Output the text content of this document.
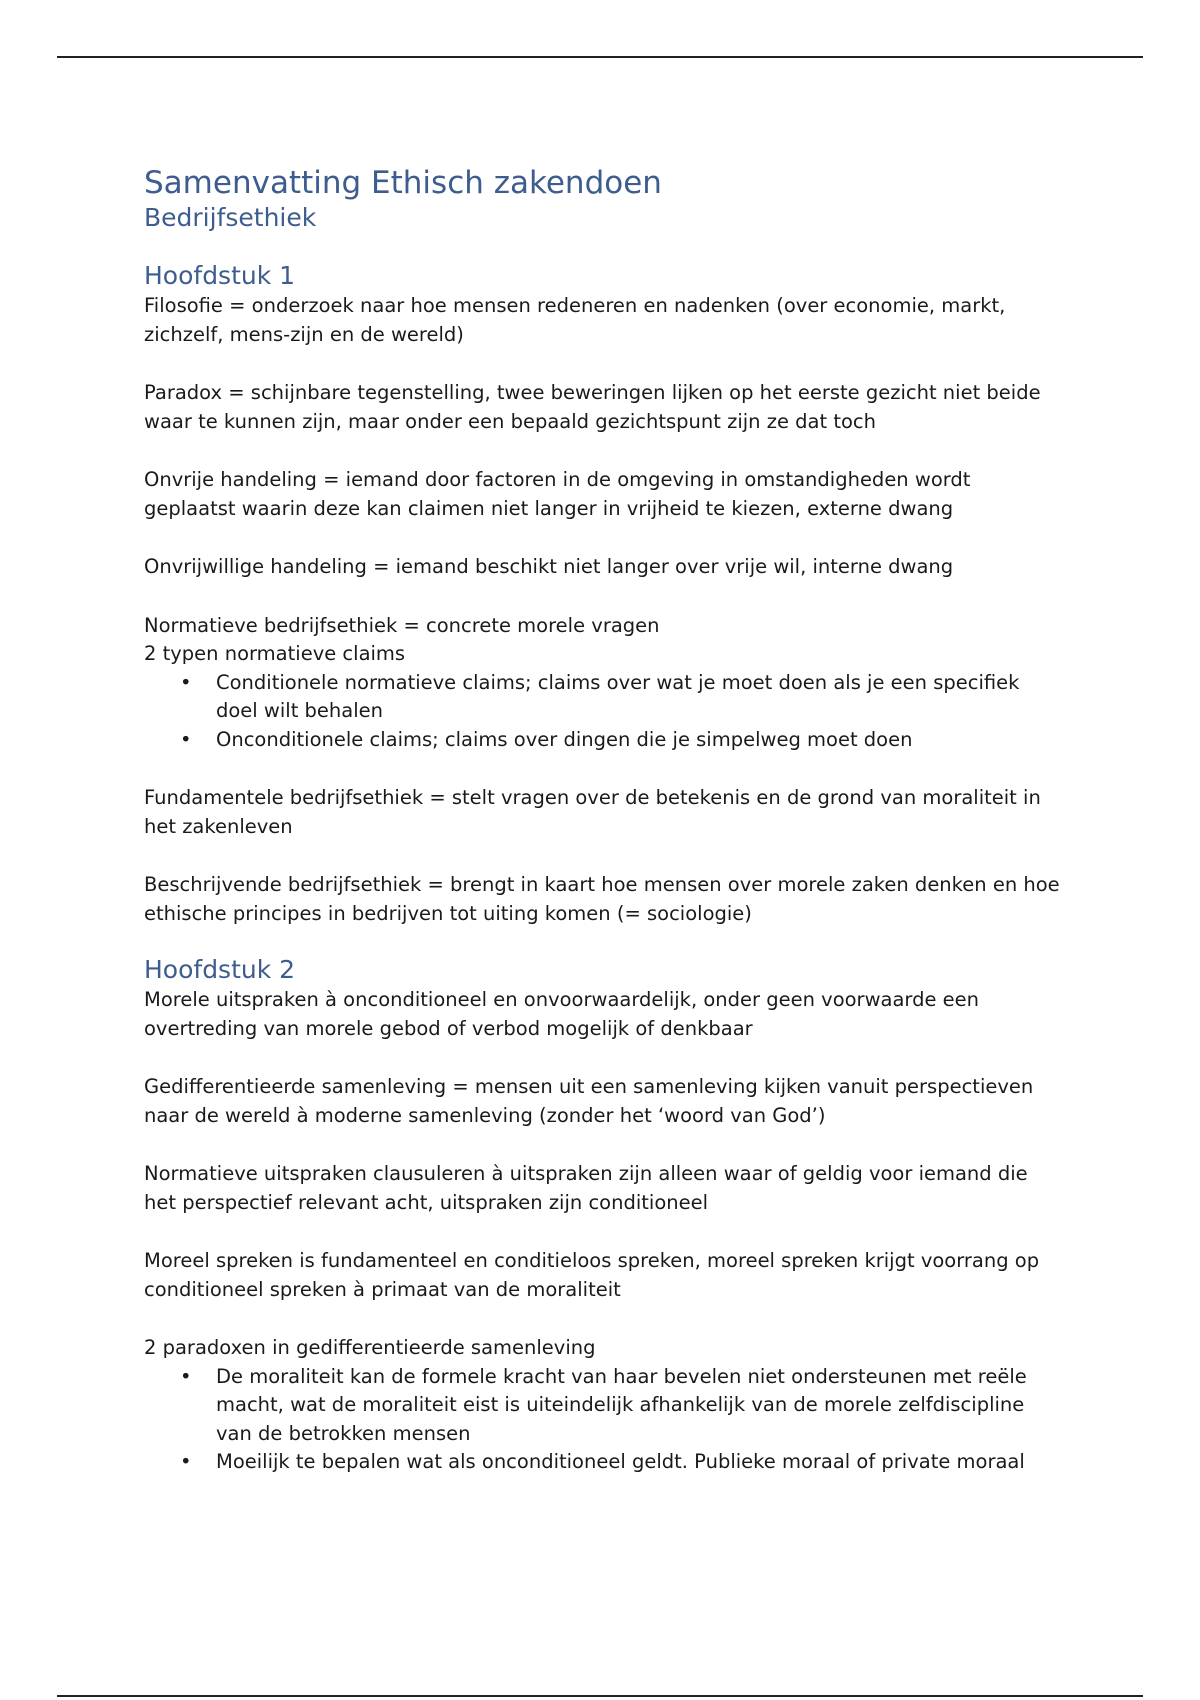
Samenvatting Ethisch zakendoen
Bedrijfsethiek
Hoofdstuk 1

Filosofie = onderzoek naar hoe mensen redeneren en nadenken (over economie, markt,

zichzelf, mens-zijn en de wereld)

Paradox = schijnbare tegenstelling, twee beweringen lijken op het eerste gezicht niet beide

waar te kunnen zijn, maar onder een bepaald gezichtspunt zijn ze dat toch

Onvrije handeling = iemand door factoren in de omgeving in omstandigheden wordt

geplaatst waarin deze kan claimen niet langer in vrijheid te kiezen, externe dwang

Onvrijwillige handeling = iemand beschikt niet langer over vrije wil, interne dwang

Normatieve bedrijfsethiek = concrete morele vragen

2 typen normatieve claims

• Conditionele normatieve claims; claims over wat je moet doen als je een specifiek
doel wilt behalen
• Onconditionele claims; claims over dingen die je simpelweg moet doen

Fundamentele bedrijfsethiek = stelt vragen over de betekenis en de grond van moraliteit in

het zakenleven

Beschrijvende bedrijfsethiek = brengt in kaart hoe mensen over morele zaken denken en hoe

ethische principes in bedrijven tot uiting komen (= sociologie)

Hoofdstuk 2

Morele uitspraken à onconditioneel en onvoorwaardelijk, onder geen voorwaarde een

overtreding van morele gebod of verbod mogelijk of denkbaar

Gedifferentieerde samenleving = mensen uit een samenleving kijken vanuit perspectieven

naar de wereld à moderne samenleving (zonder het ‘woord van God’)

Normatieve uitspraken clausuleren à uitspraken zijn alleen waar of geldig voor iemand die

het perspectief relevant acht, uitspraken zijn conditioneel

Moreel spreken is fundamenteel en conditieloos spreken, moreel spreken krijgt voorrang op

conditioneel spreken à primaat van de moraliteit

2 paradoxen in gedifferentieerde samenleving

• De moraliteit kan de formele kracht van haar bevelen niet ondersteunen met reële
macht, wat de moraliteit eist is uiteindelijk afhankelijk van de morele zelfdiscipline
van de betrokken mensen
• Moeilijk te bepalen wat als onconditioneel geldt. Publieke moraal of private moraal
